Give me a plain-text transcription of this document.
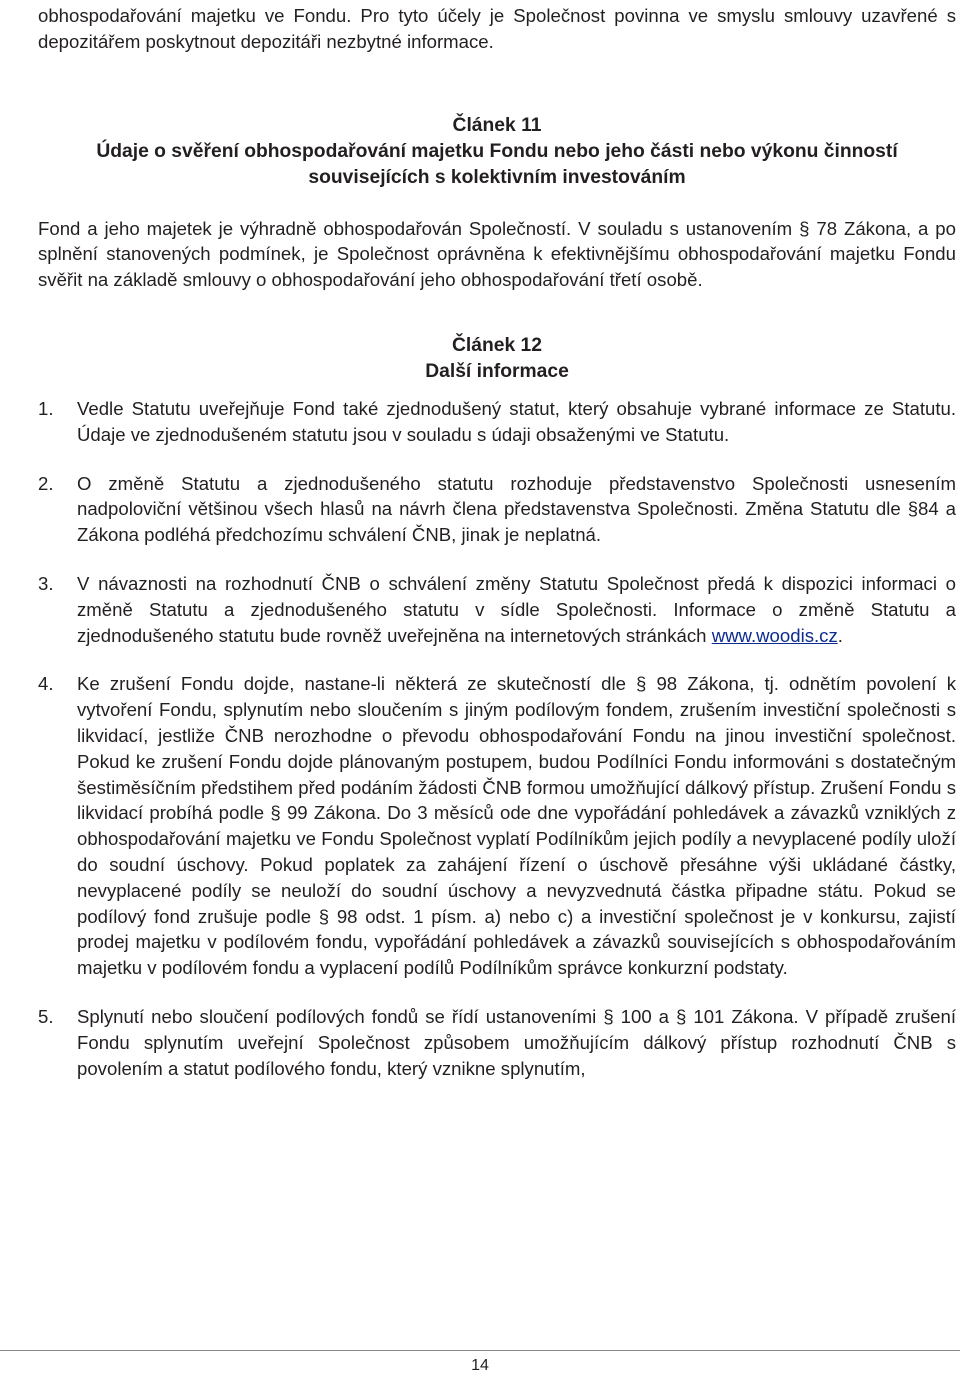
obhospodařování majetku ve Fondu. Pro tyto účely je Společnost povinna ve smyslu smlouvy uzavřené s depozitářem poskytnout depozitáři nezbytné informace.

Článek 11

Údaje o svěření obhospodařování majetku Fondu nebo jeho části nebo výkonu činností

souvisejících s kolektivním investováním

Fond a jeho majetek je výhradně obhospodařován Společností. V souladu s ustanovením § 78 Zákona, a po splnění stanovených podmínek, je Společnost oprávněna k efektivnějšímu obhospodařování majetku Fondu svěřit na základě smlouvy o obhospodařování jeho obhospodařování třetí osobě.

Článek 12

Další informace

1.	Vedle Statutu uveřejňuje Fond také zjednodušený statut, který obsahuje vybrané informace ze Statutu. Údaje ve zjednodušeném statutu jsou v souladu s údaji obsaženými ve Statutu.

2.	O změně Statutu a zjednodušeného statutu rozhoduje představenstvo Společnosti usnesením nadpoloviční většinou všech hlasů na návrh člena představenstva Společnosti. Změna Statutu dle §84 a Zákona podléhá předchozímu schválení ČNB, jinak je neplatná.

3.	V návaznosti na rozhodnutí ČNB o schválení změny Statutu Společnost předá k dispozici informaci o změně Statutu a zjednodušeného statutu v sídle Společnosti. Informace o změně Statutu a zjednodušeného statutu bude rovněž uveřejněna na internetových stránkách www.woodis.cz.

4.	Ke zrušení Fondu dojde, nastane-li některá ze skutečností dle § 98 Zákona, tj. odnětím povolení k vytvoření Fondu, splynutím nebo sloučením s jiným podílovým fondem, zrušením investiční společnosti s likvidací, jestliže ČNB nerozhodne o převodu obhospodařování Fondu na jinou investiční společnost. Pokud ke zrušení Fondu dojde plánovaným postupem, budou Podílníci Fondu informováni s dostatečným šestiměsíčním předstihem před podáním žádosti ČNB formou umožňující dálkový přístup. Zrušení Fondu s likvidací probíhá podle § 99 Zákona. Do 3 měsíců ode dne vypořádání pohledávek a závazků vzniklých z obhospodařování majetku ve Fondu Společnost vyplatí Podílníkům jejich podíly a nevyplacené podíly uloží do soudní úschovy. Pokud poplatek za zahájení řízení o úschově přesáhne výši ukládané částky, nevyplacené podíly se neuloží do soudní úschovy a nevyzvednutá částka připadne státu. Pokud se podílový fond zrušuje podle § 98 odst. 1 písm. a) nebo c) a investiční společnost je v konkursu, zajistí prodej majetku v podílovém fondu, vypořádání pohledávek a závazků souvisejících s obhospodařováním majetku v podílovém fondu a vyplacení podílů Podílníkům správce konkurzní podstaty.

5.	Splynutí nebo sloučení podílových fondů se řídí ustanoveními § 100 a § 101 Zákona. V případě zrušení Fondu splynutím uveřejní Společnost způsobem umožňujícím dálkový přístup rozhodnutí ČNB s povolením a statut podílového fondu, který vznikne splynutím,

14
